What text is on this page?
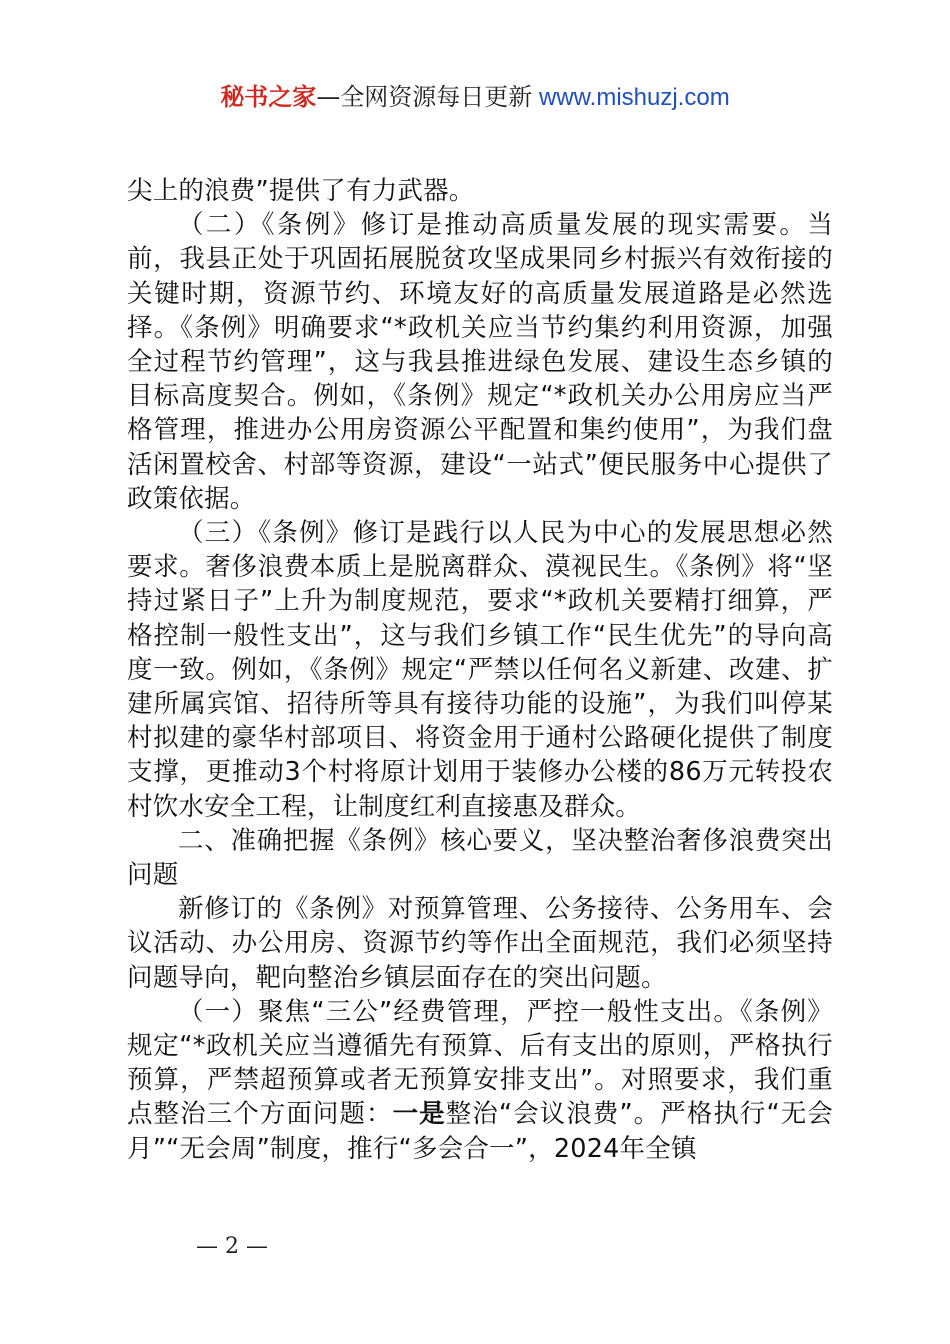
秘书之家—全网资源每日更新 www.mishuzj.com

尖上的浪费”提供了有力武器。

（二）《条例》修订是推动高质量发展的现实需要。当前，我县正处于巩固拓展脱贫攻坚成果同乡村振兴有效衔接的关键时期，资源节约、环境友好的高质量发展道路是必然选择。《条例》明确要求“*政机关应当节约集约利用资源，加强全过程节约管理”，这与我县推进绿色发展、建设生态乡镇的目标高度契合。例如，《条例》规定“*政机关办公用房应当严格管理，推进办公用房资源公平配置和集约使用”，为我们盘活闲置校舍、村部等资源，建设“一站式”便民服务中心提供了政策依据。

（三）《条例》修订是践行以人民为中心的发展思想必然要求。奢侈浪费本质上是脱离群众、漠视民生。《条例》将“坚持过紧日子”上升为制度规范，要求“*政机关要精打细算，严格控制一般性支出”，这与我们乡镇工作“民生优先”的导向高度一致。例如，《条例》规定“严禁以任何名义新建、改建、扩建所属宾馆、招待所等具有接待功能的设施”，为我们叫停某村拟建的豪华村部项目、将资金用于通村公路硬化提供了制度支撑，更推动3个村将原计划用于装修办公楼的86万元转投农村饮水安全工程，让制度红利直接惠及群众。

二、准确把握《条例》核心要义，坚决整治奢侈浪费突出问题

新修订的《条例》对预算管理、公务接待、公务用车、会议活动、办公用房、资源节约等作出全面规范，我们必须坚持问题导向，靶向整治乡镇层面存在的突出问题。

（一）聚焦“三公”经费管理，严控一般性支出。《条例》规定“*政机关应当遵循先有预算、后有支出的原则，严格执行预算，严禁超预算或者无预算安排支出”。对照要求，我们重点整治三个方面问题：一是整治“会议浪费”。严格执行“无会月”“无会周”制度，推行“多会合一”，2024年全镇

— 2 —
